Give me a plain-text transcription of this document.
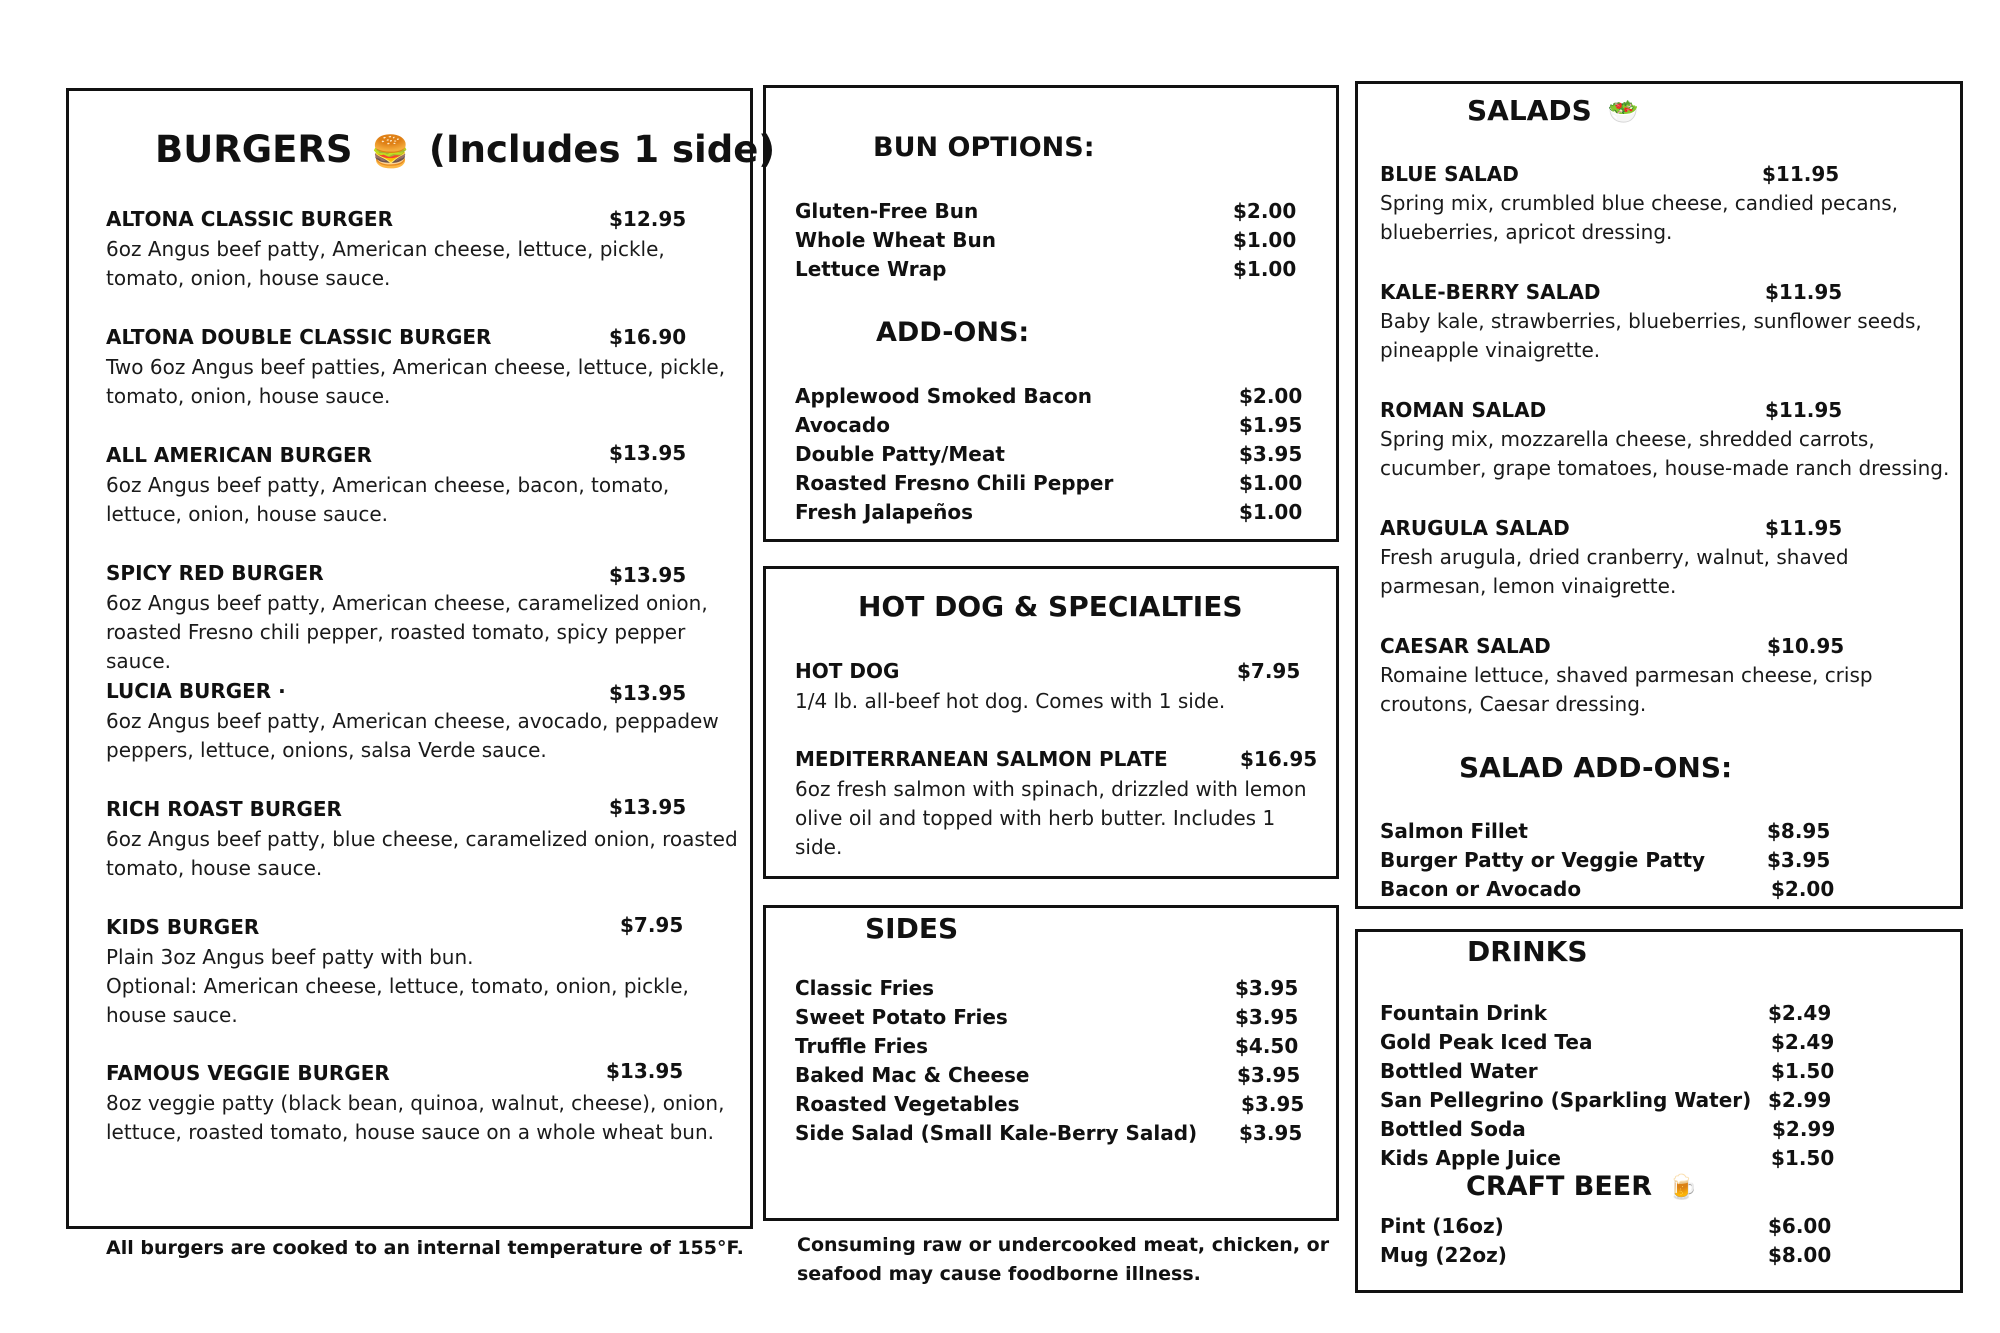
BURGERS 🍔 (Includes 1 side)
ALTONA CLASSIC BURGER	$12.95
6oz Angus beef patty, American cheese, lettuce, pickle, tomato, onion, house sauce.
ALTONA DOUBLE CLASSIC BURGER	$16.90
Two 6oz Angus beef patties, American cheese, lettuce, pickle, tomato, onion, house sauce.
ALL AMERICAN BURGER	$13.95
6oz Angus beef patty, American cheese, bacon, tomato, lettuce, onion, house sauce.
SPICY RED BURGER	$13.95
6oz Angus beef patty, American cheese, caramelized onion, roasted Fresno chili pepper, roasted tomato, spicy pepper sauce.
LUCIA BURGER ·	$13.95
6oz Angus beef patty, American cheese, avocado, peppadew peppers, lettuce, onions, salsa Verde sauce.
RICH ROAST BURGER	$13.95
6oz Angus beef patty, blue cheese, caramelized onion, roasted tomato, house sauce.
KIDS BURGER	$7.95
Plain 3oz Angus beef patty with bun.
Optional: American cheese, lettuce, tomato, onion, pickle, house sauce.
FAMOUS VEGGIE BURGER	$13.95
8oz veggie patty (black bean, quinoa, walnut, cheese), onion, lettuce, roasted tomato, house sauce on a whole wheat bun.
All burgers are cooked to an internal temperature of 155°F.
BUN OPTIONS:
Gluten-Free Bun	$2.00
Whole Wheat Bun	$1.00
Lettuce Wrap	$1.00
ADD-ONS:
Applewood Smoked Bacon	$2.00
Avocado	$1.95
Double Patty/Meat	$3.95
Roasted Fresno Chili Pepper	$1.00
Fresh Jalapeños	$1.00
HOT DOG & SPECIALTIES
HOT DOG	$7.95
1/4 lb. all-beef hot dog. Comes with 1 side.
MEDITERRANEAN SALMON PLATE	$16.95
6oz fresh salmon with spinach, drizzled with lemon olive oil and topped with herb butter. Includes 1 side.
SIDES
Classic Fries	$3.95
Sweet Potato Fries	$3.95
Truffle Fries	$4.50
Baked Mac & Cheese	$3.95
Roasted Vegetables	$3.95
Side Salad (Small Kale-Berry Salad) $3.95
Consuming raw or undercooked meat, chicken, or seafood may cause foodborne illness.
SALADS 🥗
BLUE SALAD	$11.95
Spring mix, crumbled blue cheese, candied pecans, blueberries, apricot dressing.
KALE-BERRY SALAD	$11.95
Baby kale, strawberries, blueberries, sunflower seeds, pineapple vinaigrette.
ROMAN SALAD	$11.95
Spring mix, mozzarella cheese, shredded carrots, cucumber, grape tomatoes, house-made ranch dressing.
ARUGULA SALAD	$11.95
Fresh arugula, dried cranberry, walnut, shaved parmesan, lemon vinaigrette.
CAESAR SALAD	$10.95
Romaine lettuce, shaved parmesan cheese, crisp croutons, Caesar dressing.
SALAD ADD-ONS:
Salmon Fillet	$8.95
Burger Patty or Veggie Patty	$3.95
Bacon or Avocado	$2.00
DRINKS
Fountain Drink	$2.49
Gold Peak Iced Tea	$2.49
Bottled Water	$1.50
San Pellegrino (Sparkling Water) $2.99
Bottled Soda	$2.99
Kids Apple Juice	$1.50
CRAFT BEER 🍺
Pint (16oz)	$6.00
Mug (22oz)	$8.00
